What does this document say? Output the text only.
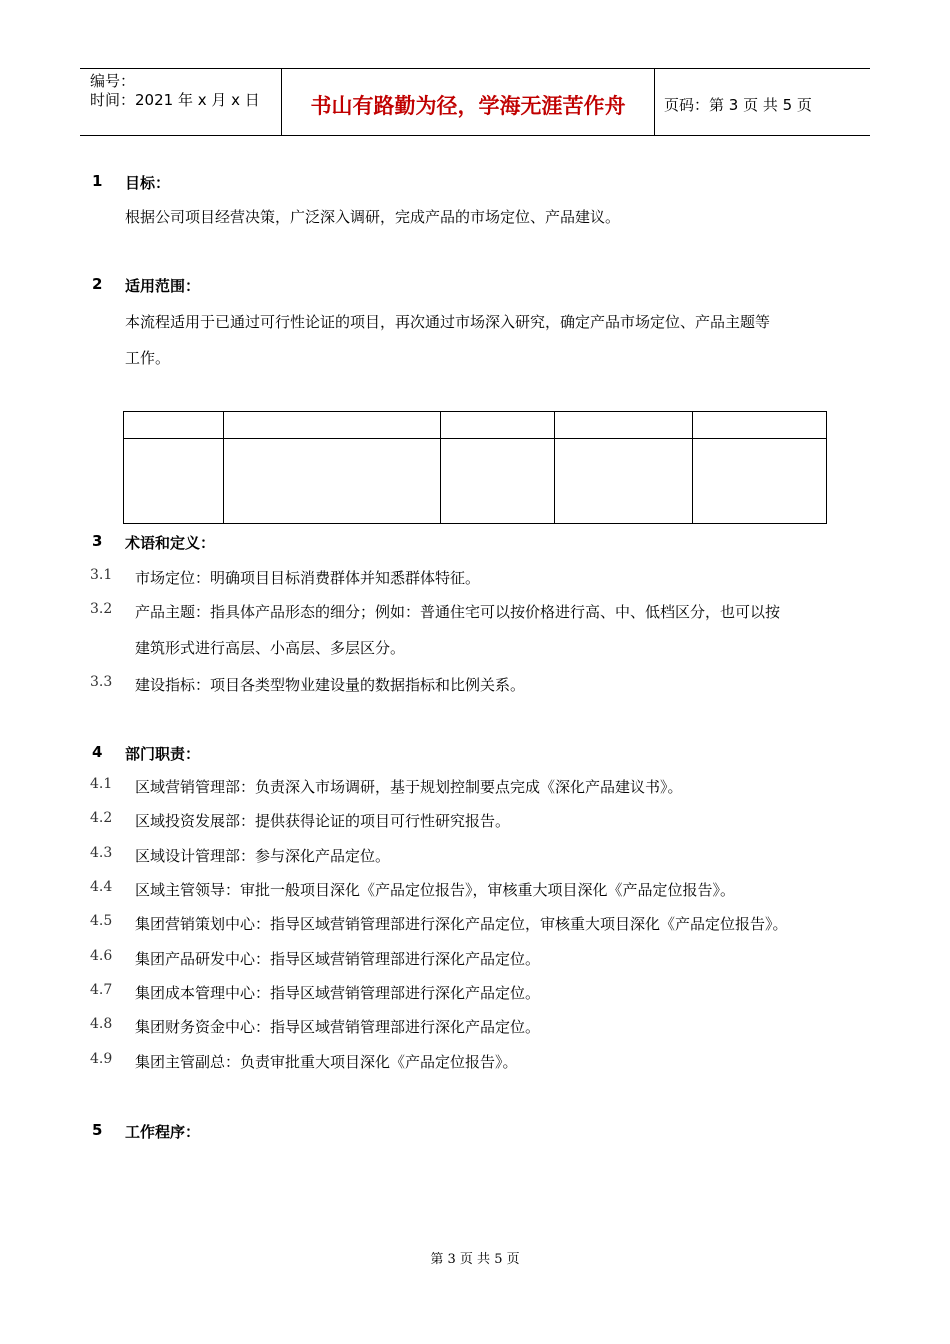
编号：
时间：2021 年 x 月 x 日	书山有路勤为径，学海无涯苦作舟	页码：第 3 页 共 5 页
1 目标：
根据公司项目经营决策，广泛深入调研，完成产品的市场定位、产品建议。
2 适用范围：
本流程适用于已通过可行性论证的项目，再次通过市场深入研究，确定产品市场定位、产品主题等
工作。

3 术语和定义：
3.1 市场定位：明确项目目标消费群体并知悉群体特征。
3.2 产品主题：指具体产品形态的细分；例如：普通住宅可以按价格进行高、中、低档区分，也可以按
建筑形式进行高层、小高层、多层区分。
3.3 建设指标：项目各类型物业建设量的数据指标和比例关系。
4 部门职责：
4.1 区域营销管理部：负责深入市场调研，基于规划控制要点完成《深化产品建议书》。
4.2 区域投资发展部：提供获得论证的项目可行性研究报告。
4.3 区域设计管理部：参与深化产品定位。
4.4 区域主管领导：审批一般项目深化《产品定位报告》，审核重大项目深化《产品定位报告》。
4.5 集团营销策划中心：指导区域营销管理部进行深化产品定位，审核重大项目深化《产品定位报告》。
4.6 集团产品研发中心：指导区域营销管理部进行深化产品定位。
4.7 集团成本管理中心：指导区域营销管理部进行深化产品定位。
4.8 集团财务资金中心：指导区域营销管理部进行深化产品定位。
4.9 集团主管副总：负责审批重大项目深化《产品定位报告》。
5 工作程序：
第 3 页 共 5 页
